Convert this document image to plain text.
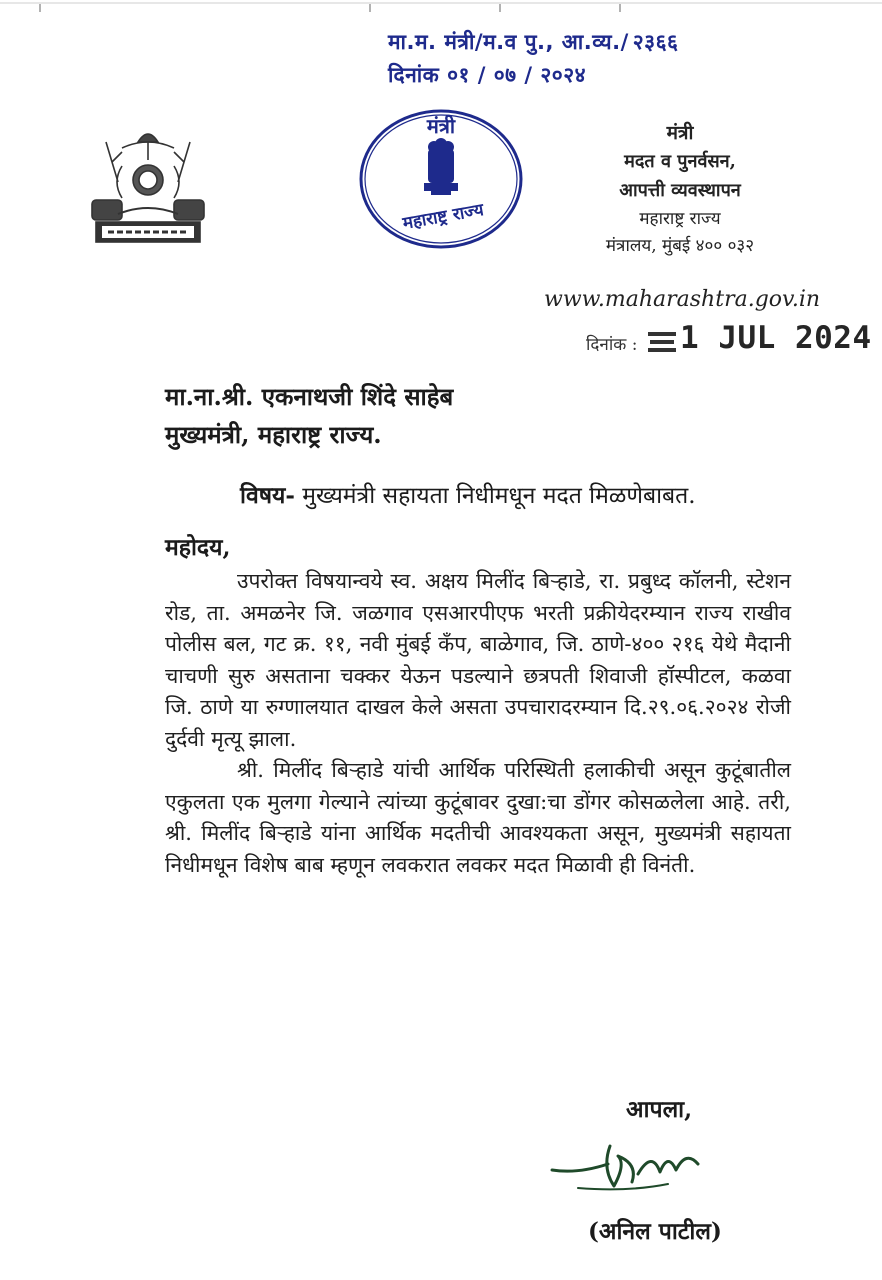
मा.म. मंत्री/म.व पु., आ.व्य./ २३६६
दिनांक ०१ / ०७ / २०२४
मंत्री
महाराष्ट्र राज्य
मंत्री
मदत व पुनर्वसन,
आपत्ती व्यवस्थापन
महाराष्ट्र राज्य
मंत्रालय, मुंबई ४०० ०३२
www.maharashtra.gov.in
दिनांक : 1 JUL 2024
मा.ना.श्री. एकनाथजी शिंदे साहेब
मुख्यमंत्री, महाराष्ट्र राज्य.
विषय- मुख्यमंत्री सहायता निधीमधून मदत मिळणेबाबत.
महोदय,

उपरोक्त विषयान्वये स्व. अक्षय मिलींद बिऱ्हाडे, रा. प्रबुध्द कॉलनी, स्टेशन रोड, ता. अमळनेर जि. जळगाव एसआरपीएफ भरती प्रक्रीयेदरम्यान राज्य राखीव पोलीस बल, गट क्र. ११, नवी मुंबई कँप, बाळेगाव, जि. ठाणे-४०० २१६ येथे मैदानी चाचणी सुरु असताना चक्कर येऊन पडल्याने छत्रपती शिवाजी हॉस्पीटल, कळवा जि. ठाणे या रुग्णालयात दाखल केले असता उपचारादरम्यान दि.२९.०६.२०२४ रोजी दुर्दवी मृत्यू झाला.

श्री. मिलींद बिऱ्हाडे यांची आर्थिक परिस्थिती हलाकीची असून कुटूंबातील एकुलता एक मुलगा गेल्याने त्यांच्या कुटूंबावर दुखा:चा डोंगर कोसळलेला आहे. तरी, श्री. मिलींद बिऱ्हाडे यांना आर्थिक मदतीची आवश्यकता असून, मुख्यमंत्री सहायता निधीमधून विशेष बाब म्हणून लवकरात लवकर मदत मिळावी ही विनंती.

आपला,
(अनिल पाटील)
